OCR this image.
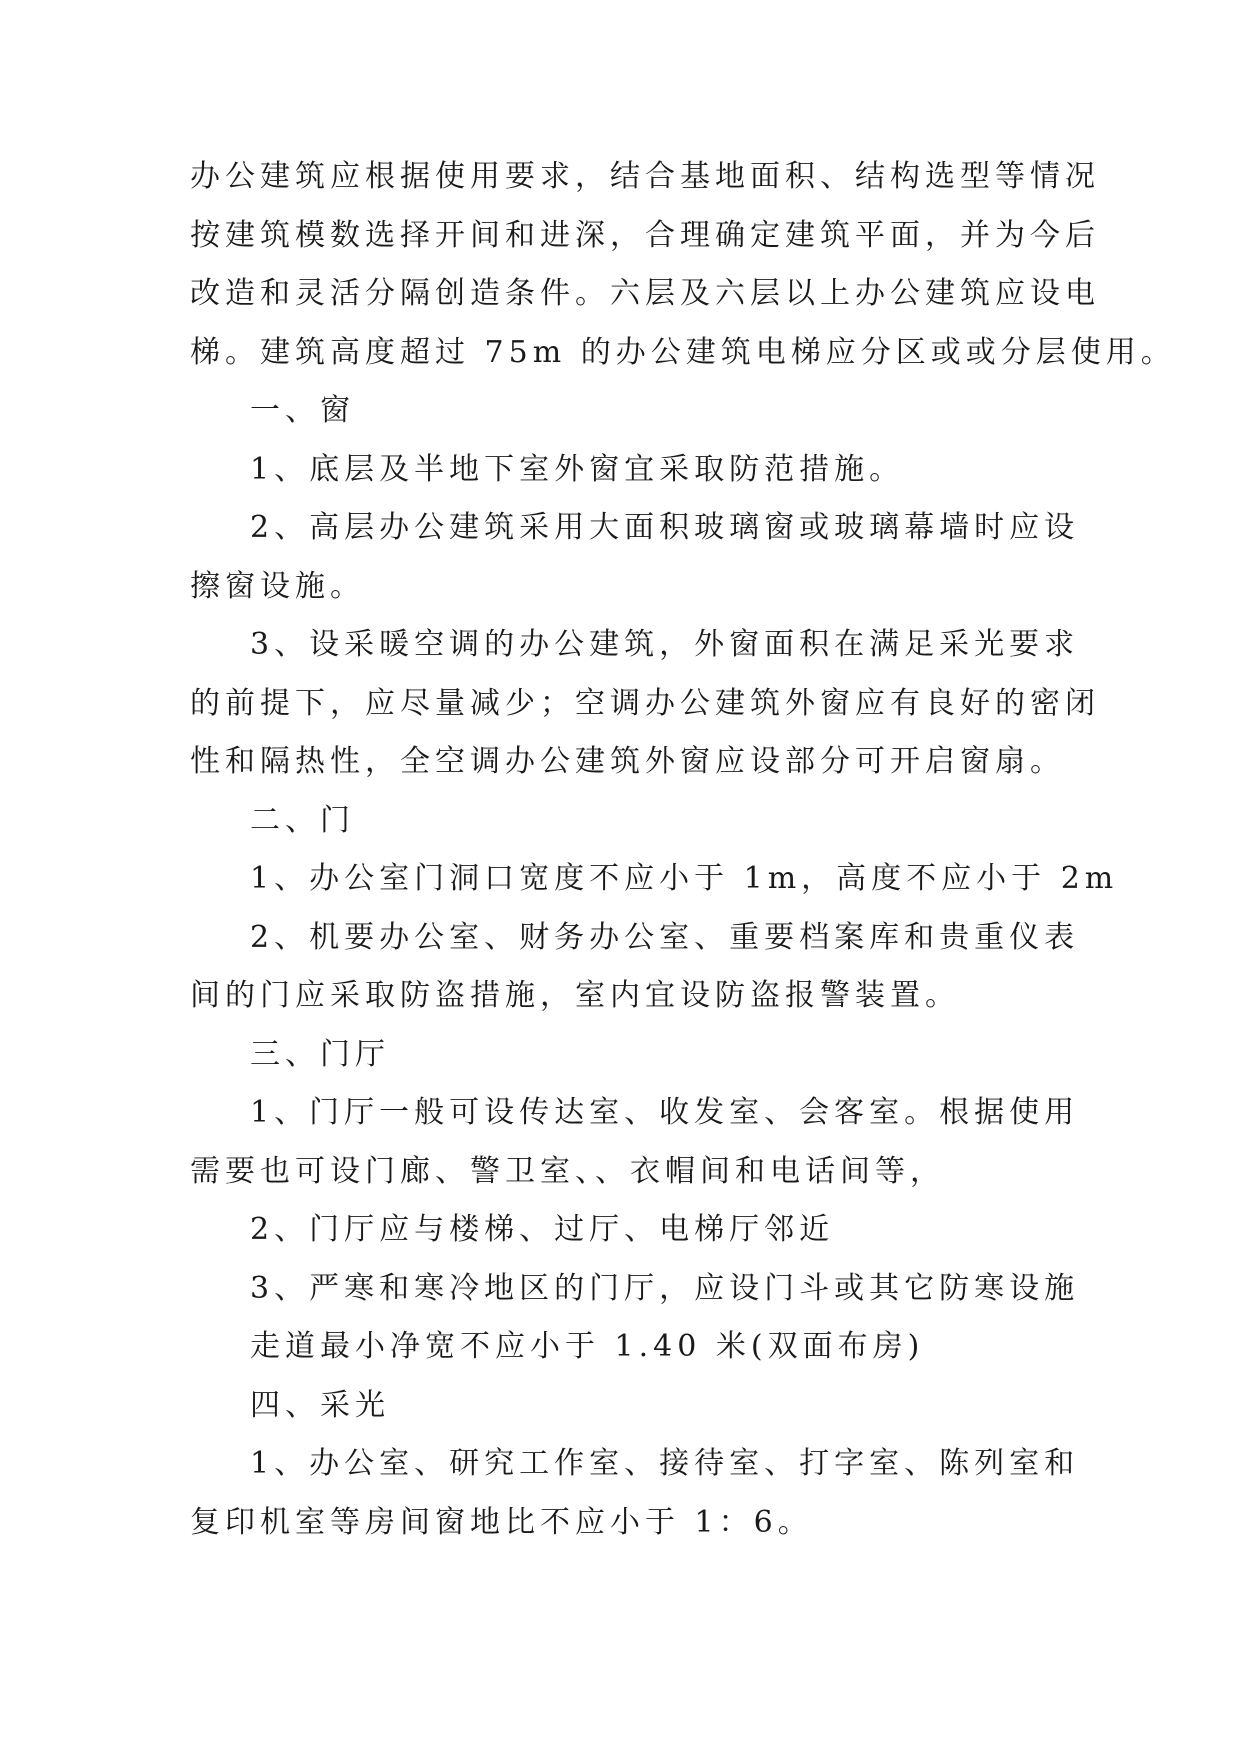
办公建筑应根据使用要求，结合基地面积、结构选型等情况
按建筑模数选择开间和进深，合理确定建筑平面，并为今后
改造和灵活分隔创造条件。六层及六层以上办公建筑应设电
梯。建筑高度超过 75m 的办公建筑电梯应分区或或分层使用。
一、窗
1、底层及半地下室外窗宜采取防范措施。
2、高层办公建筑采用大面积玻璃窗或玻璃幕墙时应设
擦窗设施。
3、设采暖空调的办公建筑，外窗面积在满足采光要求
的前提下，应尽量减少；空调办公建筑外窗应有良好的密闭
性和隔热性，全空调办公建筑外窗应设部分可开启窗扇。
二、门
1、办公室门洞口宽度不应小于 1m，高度不应小于 2m
2、机要办公室、财务办公室、重要档案库和贵重仪表
间的门应采取防盗措施，室内宜设防盗报警装置。
三、门厅
1、门厅一般可设传达室、收发室、会客室。根据使用
需要也可设门廊、警卫室、、衣帽间和电话间等，
2、门厅应与楼梯、过厅、电梯厅邻近
3、严寒和寒冷地区的门厅，应设门斗或其它防寒设施
走道最小净宽不应小于 1.40 米(双面布房)
四、采光
1、办公室、研究工作室、接待室、打字室、陈列室和
复印机室等房间窗地比不应小于 1：6。
